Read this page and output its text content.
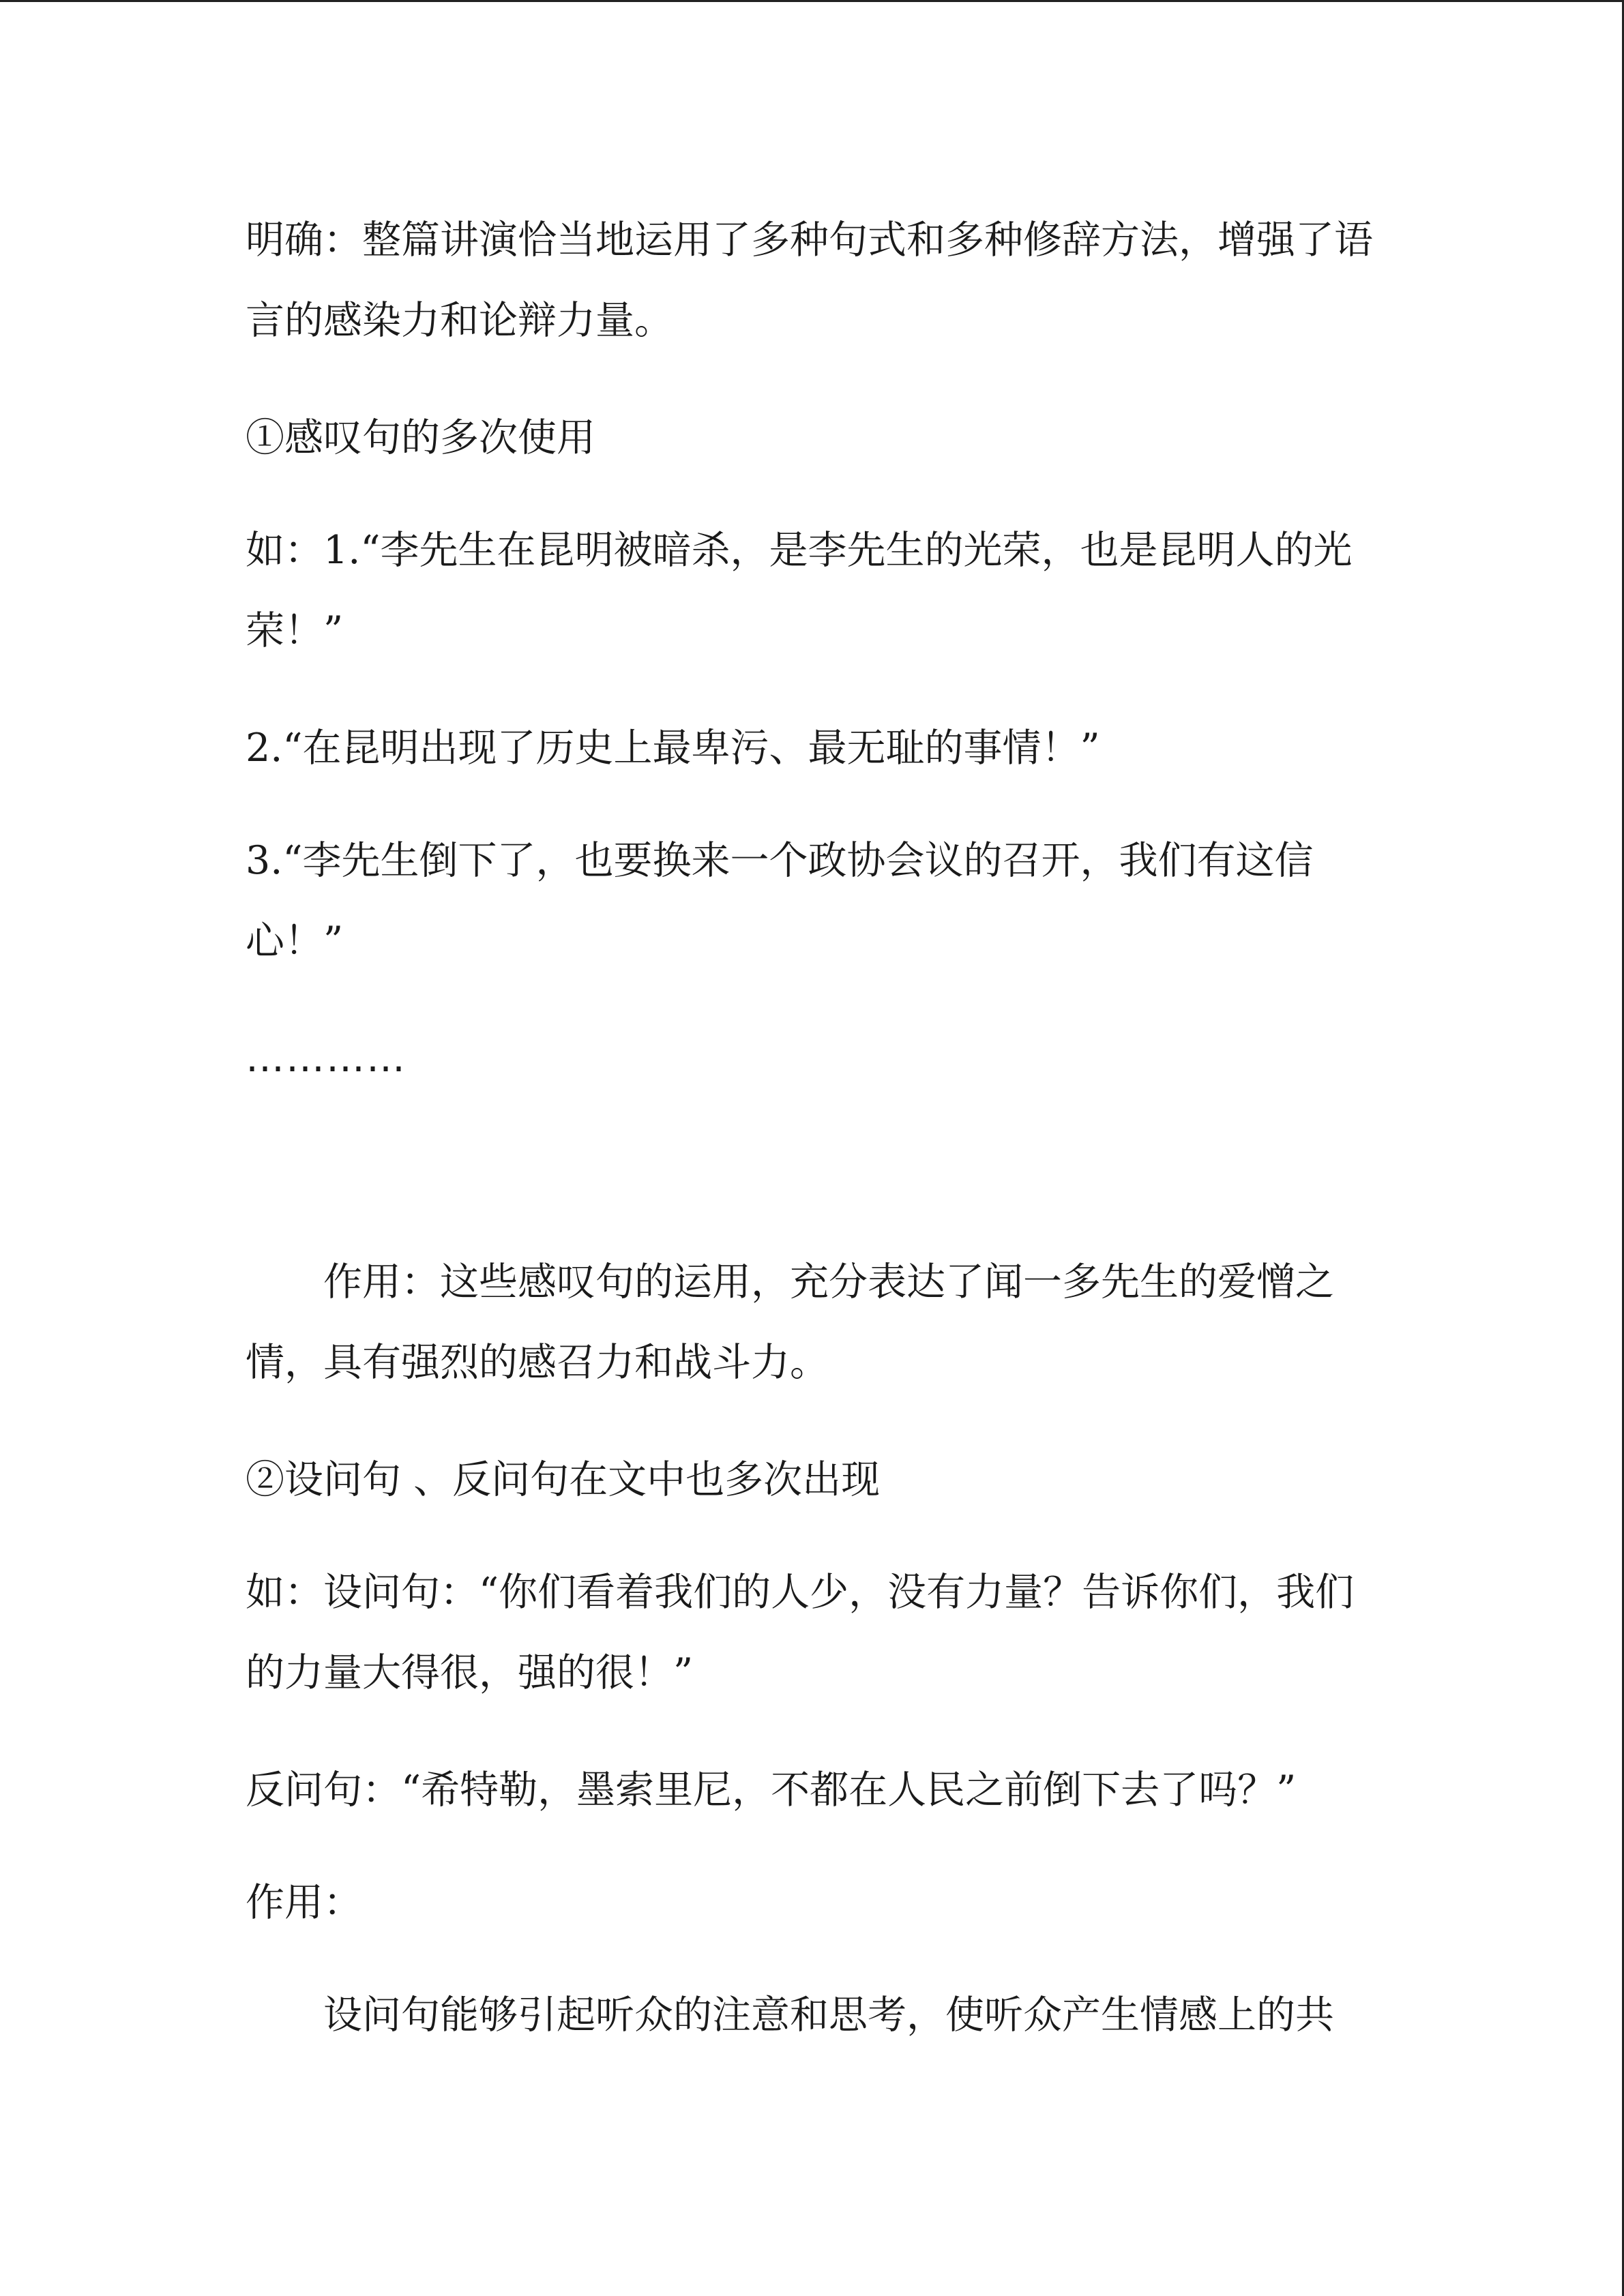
明确：整篇讲演恰当地运用了多种句式和多种修辞方法，增强了语
言的感染力和论辩力量。
①感叹句的多次使用
如：1.“李先生在昆明被暗杀，是李先生的光荣，也是昆明人的光
荣！”
2.“在昆明出现了历史上最卑污、最无耻的事情！”
3.“李先生倒下了，也要换来一个政协会议的召开，我们有这信
心！”
…………
作用：这些感叹句的运用，充分表达了闻一多先生的爱憎之
情，具有强烈的感召力和战斗力。
②设问句 、反问句在文中也多次出现
如：设问句：“你们看着我们的人少，没有力量？告诉你们，我们
的力量大得很，强的很！”
反问句：“希特勒，墨索里尼，不都在人民之前倒下去了吗？”
作用：
设问句能够引起听众的注意和思考，使听众产生情感上的共
